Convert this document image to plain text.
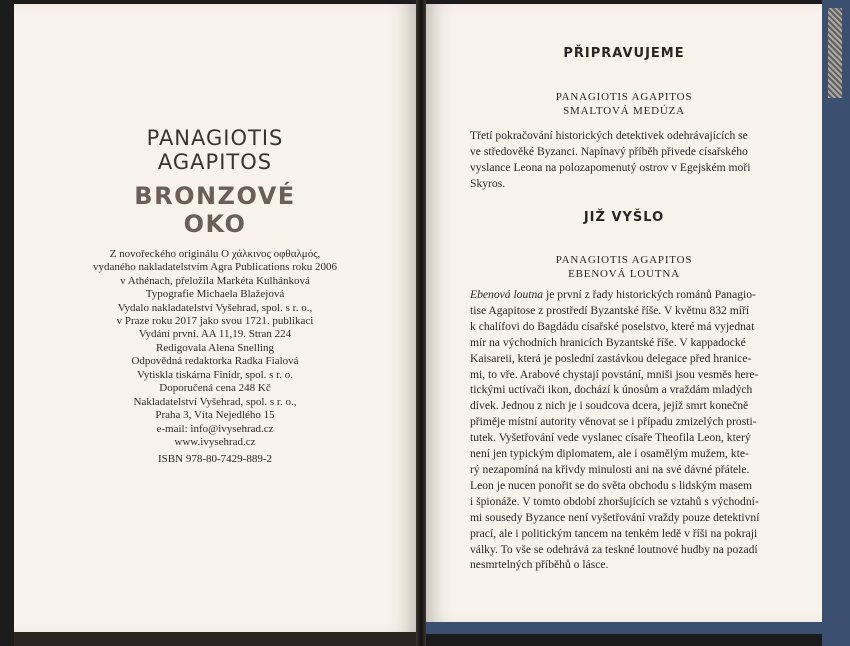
PANAGIOTIS
AGAPITOS
BRONZOVÉ
OKO
Z novořeckého originálu O χάλκινος οφθαλμός,
vydaného nakladatelstvím Agra Publications roku 2006
v Athénach, přeložila Markéta Kulhánková
Typografie Michaela Blažejová
Vydalo nakladatelství Vyšehrad, spol. s r. o.,
v Praze roku 2017 jako svou 1721. publikaci
Vydání první. AA 11,19. Stran 224
Redigovala Alena Snelling
Odpovědná redaktorka Radka Fialová
Vytiskla tiskárna Finidr, spol. s r. o.
Doporučená cena 248 Kč
Nakladatelství Vyšehrad, spol. s r. o.,
Praha 3, Víta Nejedlého 15
e-mail: info@ivysehrad.cz
www.ivysehrad.cz
ISBN 978-80-7429-889-2
PŘIPRAVUJEME
PANAGIOTIS AGAPITOS
SMALTOVÁ MEDÚZA
Třetí pokračování historických detektivek odehrávajících se
ve středověké Byzanci. Napínavý příběh přivede císařského
vyslance Leona na polozapomenutý ostrov v Egejském moři
Skyros.
JIŽ VYŠLO
PANAGIOTIS AGAPITOS
EBENOVÁ LOUTNA
Ebenová loutna je první z řady historických románů Panagio-
tise Agapitose z prostředí Byzantské říše. V květnu 832 míří
k chalífovi do Bagdádu císařské poselstvo, které má vyjednat
mír na východních hranicích Byzantské říše. V kappadocké
Kaisareii, která je poslední zastávkou delegace před hranice-
mi, to vře. Arabové chystají povstání, mniši jsou vesměs here-
tickými uctívači ikon, dochází k únosům a vraždám mladých
dívek. Jednou z nich je i soudcova dcera, jejíž smrt konečně
přiměje místní autority věnovat se i případu zmizelých prosti-
tutek. Vyšetřování vede vyslanec císaře Theofila Leon, který
není jen typickým diplomatem, ale i osamělým mužem, kte-
rý nezapomíná na křivdy minulosti ani na své dávné přátele.
Leon je nucen ponořit se do světa obchodu s lidským masem
i špionáže. V tomto období zhoršujících se vztahů s východní-
mi sousedy Byzance není vyšetřování vraždy pouze detektivní
prací, ale i politickým tancem na tenkém ledě v říši na pokraji
války. To vše se odehrává za teskné loutnové hudby na pozadí
nesmrtelných příběhů o lásce.
